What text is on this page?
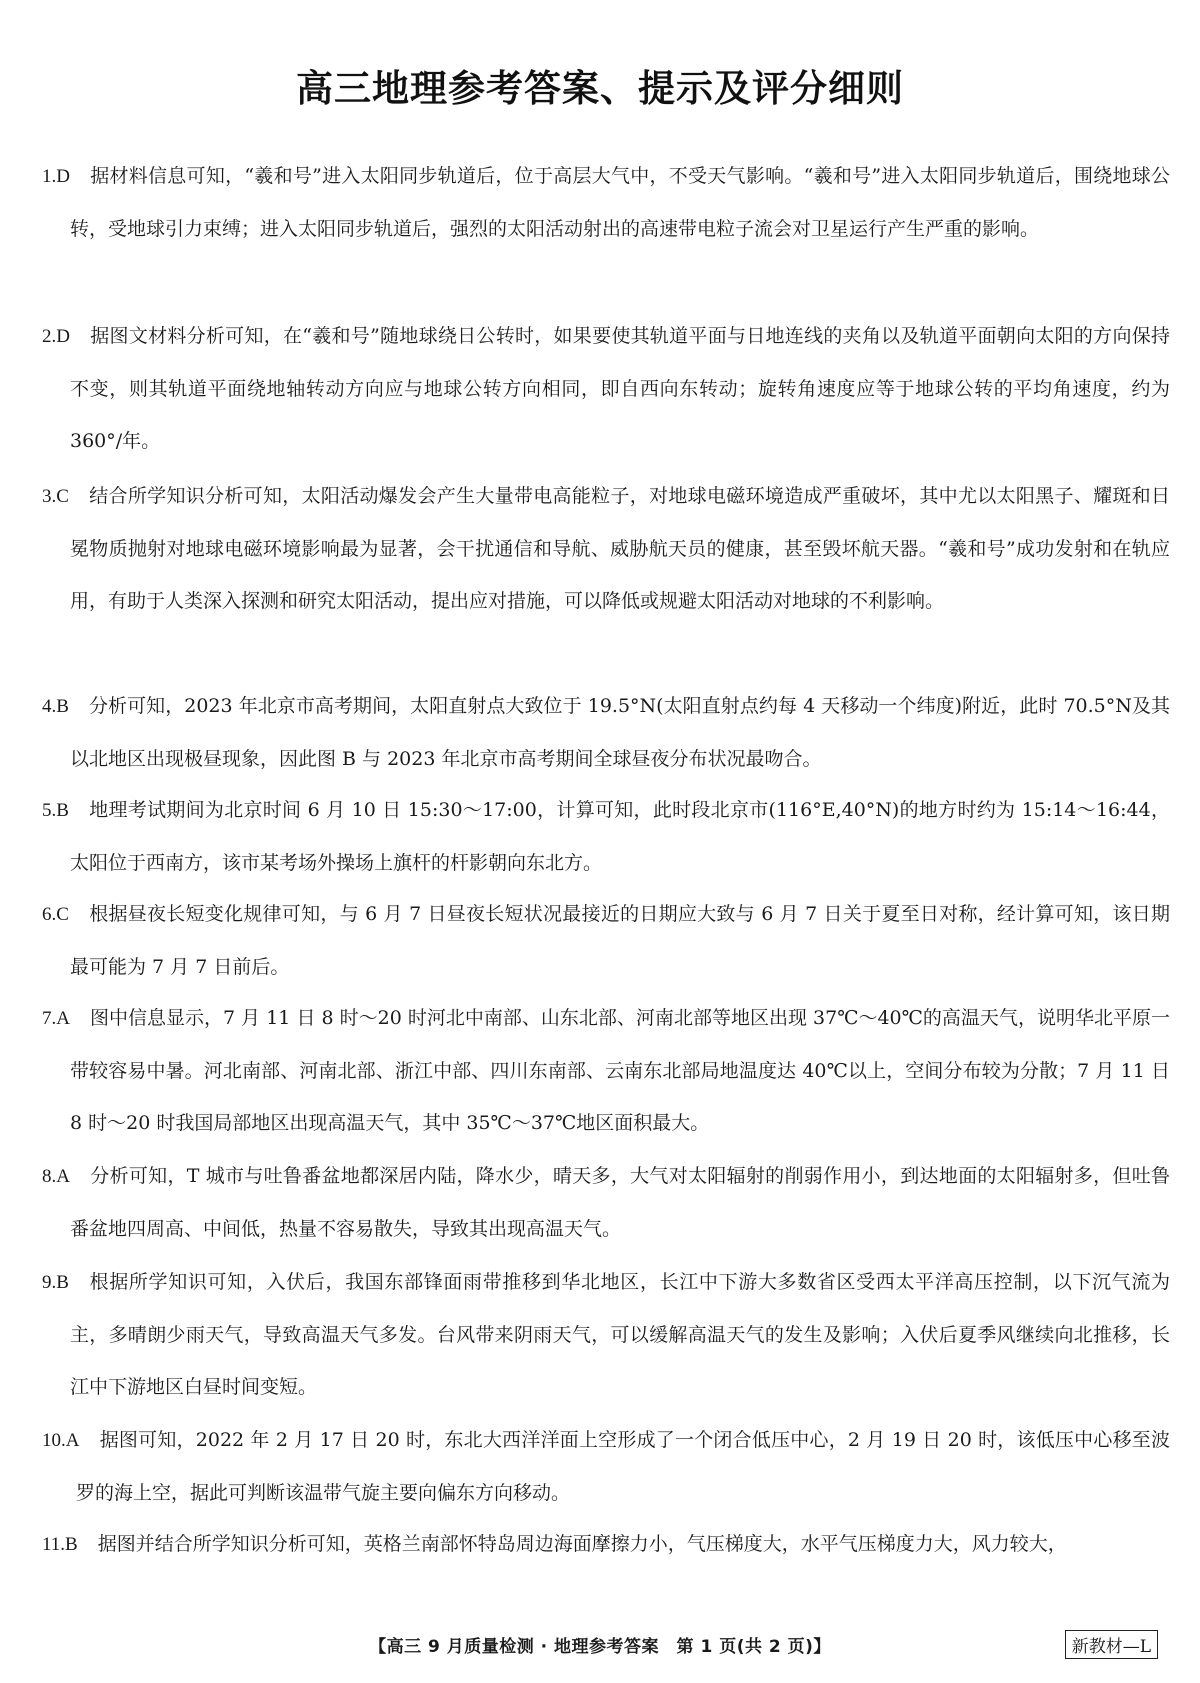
高三地理参考答案、提示及评分细则
1.D 据材料信息可知，“羲和号”进入太阳同步轨道后，位于高层大气中，不受天气影响。“羲和号”进入太阳同步轨道后，围绕地球公转，受地球引力束缚；进入太阳同步轨道后，强烈的太阳活动射出的高速带电粒子流会对卫星运行产生严重的影响。
2.D 据图文材料分析可知，在“羲和号”随地球绕日公转时，如果要使其轨道平面与日地连线的夹角以及轨道平面朝向太阳的方向保持不变，则其轨道平面绕地轴转动方向应与地球公转方向相同，即自西向东转动；旋转角速度应等于地球公转的平均角速度，约为 360°/年。
3.C 结合所学知识分析可知，太阳活动爆发会产生大量带电高能粒子，对地球电磁环境造成严重破坏，其中尤以太阳黑子、耀斑和日冕物质抛射对地球电磁环境影响最为显著，会干扰通信和导航、威胁航天员的健康，甚至毁坏航天器。“羲和号”成功发射和在轨应用，有助于人类深入探测和研究太阳活动，提出应对措施，可以降低或规避太阳活动对地球的不利影响。
4.B 分析可知，2023 年北京市高考期间，太阳直射点大致位于 19.5°N(太阳直射点约每 4 天移动一个纬度)附近，此时 70.5°N及其以北地区出现极昼现象，因此图 B 与 2023 年北京市高考期间全球昼夜分布状况最吻合。
5.B 地理考试期间为北京时间 6 月 10 日 15:30～17:00，计算可知，此时段北京市(116°E,40°N)的地方时约为 15:14～16:44，太阳位于西南方，该市某考场外操场上旗杆的杆影朝向东北方。
6.C 根据昼夜长短变化规律可知，与 6 月 7 日昼夜长短状况最接近的日期应大致与 6 月 7 日关于夏至日对称，经计算可知，该日期最可能为 7 月 7 日前后。
7.A 图中信息显示，7 月 11 日 8 时～20 时河北中南部、山东北部、河南北部等地区出现 37℃～40℃的高温天气，说明华北平原一带较容易中暑。河北南部、河南北部、浙江中部、四川东南部、云南东北部局地温度达 40℃以上，空间分布较为分散；7 月 11 日 8 时～20 时我国局部地区出现高温天气，其中 35℃～37℃地区面积最大。
8.A 分析可知，T 城市与吐鲁番盆地都深居内陆，降水少，晴天多，大气对太阳辐射的削弱作用小，到达地面的太阳辐射多，但吐鲁番盆地四周高、中间低，热量不容易散失，导致其出现高温天气。
9.B 根据所学知识可知，入伏后，我国东部锋面雨带推移到华北地区，长江中下游大多数省区受西太平洋高压控制，以下沉气流为主，多晴朗少雨天气，导致高温天气多发。台风带来阴雨天气，可以缓解高温天气的发生及影响；入伏后夏季风继续向北推移，长江中下游地区白昼时间变短。
10.A 据图可知，2022 年 2 月 17 日 20 时，东北大西洋洋面上空形成了一个闭合低压中心，2 月 19 日 20 时，该低压中心移至波罗的海上空，据此可判断该温带气旋主要向偏东方向移动。
11.B 据图并结合所学知识分析可知，英格兰南部怀特岛周边海面摩擦力小，气压梯度大，水平气压梯度力大，风力较大，
【高三 9 月质量检测 · 地理参考答案　第 1 页(共 2 页)】	新教材—L
